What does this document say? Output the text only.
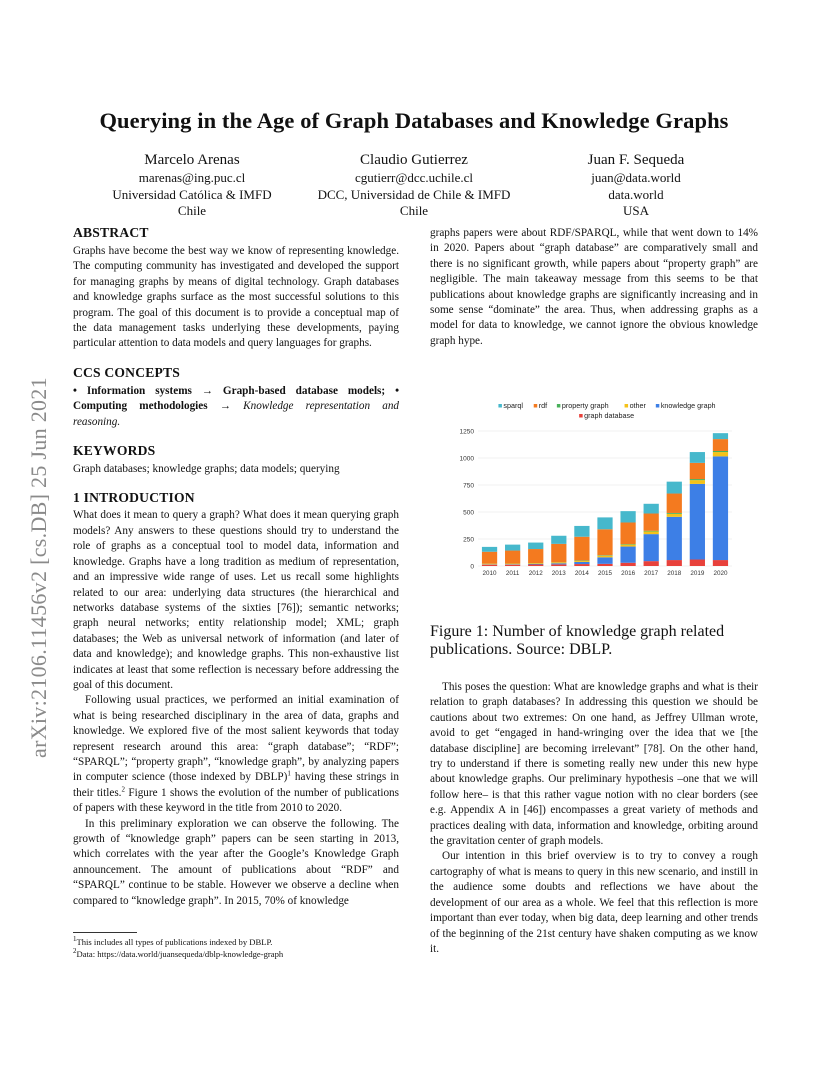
arXiv:2106.11456v2 [cs.DB] 25 Jun 2021
Querying in the Age of Graph Databases and Knowledge Graphs
Marcelo Arenas
marenas@ing.puc.cl
Universidad Católica & IMFD
Chile
Claudio Gutierrez
cgutierr@dcc.uchile.cl
DCC, Universidad de Chile & IMFD
Chile
Juan F. Sequeda
juan@data.world
data.world
USA
ABSTRACT
Graphs have become the best way we know of representing knowledge. The computing community has investigated and developed the support for managing graphs by means of digital technology. Graph databases and knowledge graphs surface as the most successful solutions to this program. The goal of this document is to provide a conceptual map of the data management tasks underlying these developments, paying particular attention to data models and query languages for graphs.
CCS CONCEPTS
• Information systems → Graph-based database models; • Computing methodologies → Knowledge representation and reasoning.
KEYWORDS
Graph databases; knowledge graphs; data models; querying
1 INTRODUCTION
What does it mean to query a graph? What does it mean querying graph models? Any answers to these questions should try to understand the role of graphs as a conceptual tool to model data, information and knowledge. Graphs have a long tradition as medium of representation, and an impressive wide range of uses. Let us recall some highlights related to our area: underlying data structures (the hierarchical and networks database systems of the sixties [76]); semantic networks; graph neural networks; entity relationship model; XML; graph databases; the Web as universal network of information (and later of data and knowledge); and knowledge graphs. This non-exhaustive list indicates at least that some reflection is necessary before addressing the goal of this document.
Following usual practices, we performed an initial examination of what is being researched disciplinary in the area of data, graphs and knowledge. We explored five of the most salient keywords that today represent research around this area: “graph database”; “RDF”; “SPARQL”; “property graph”, “knowledge graph”, by analyzing papers in computer science (those indexed by DBLP)$^1$ having these strings in their titles.$^2$ Figure 1 shows the evolution of the number of publications of papers with these keyword in the title from 2010 to 2020.
In this preliminary exploration we can observe the following. The growth of “knowledge graph” papers can be seen starting in 2013, which correlates with the year after the Google’s Knowledge Graph announcement. The amount of publications about “RDF” and “SPARQL” continue to be stable. However we observe a decline when compared to “knowledge graph”. In 2015, 70% of knowledge
$^1$This includes all types of publications indexed by DBLP.
$^2$Data: https://data.world/juansequeda/dblp-knowledge-graph
graphs papers were about RDF/SPARQL, while that went down to 14% in 2020. Papers about “graph database” are comparatively small and there is no significant growth, while papers about “property graph” are negligible. The main takeaway message from this seems to be that publications about knowledge graphs are significantly increasing and in some sense “dominate” the area. Thus, when addressing graphs as a model for data to knowledge, we cannot ignore the obvious knowledge graph hype.
0
250
500
750
1000
1250
2010 2011 2012 2013 2014 2015 2016 2017 2018 2019 2020
sparql rdf property graph	other knowledge graph
graph database
Figure 1: Number of knowledge graph related publications. Source: DBLP.
This poses the question: What are knowledge graphs and what is their relation to graph databases? In addressing this question we should be cautions about two extremes: On one hand, as Jeffrey Ullman wrote, avoid to get “engaged in hand-wringing over the idea that we [the database discipline] are becoming irrelevant” [78]. On the other hand, try to understand if there is someting really new under this new hype about knowledge graphs. Our preliminary hypothesis –one that we will follow here– is that this rather vague notion with no clear borders (see e.g. Appendix A in [46]) encompasses a great variety of methods and practices dealing with data, information and knowledge, orbiting around the gravitation center of graph models.
Our intention in this brief overview is to try to convey a rough cartography of what is means to query in this new scenario, and instill in the audience some doubts and reflections we have about the development of our area as a whole. We feel that this reflection is more important than ever today, when big data, deep learning and other trends of the beginning of the 21st century have shaken computing as we know it.
